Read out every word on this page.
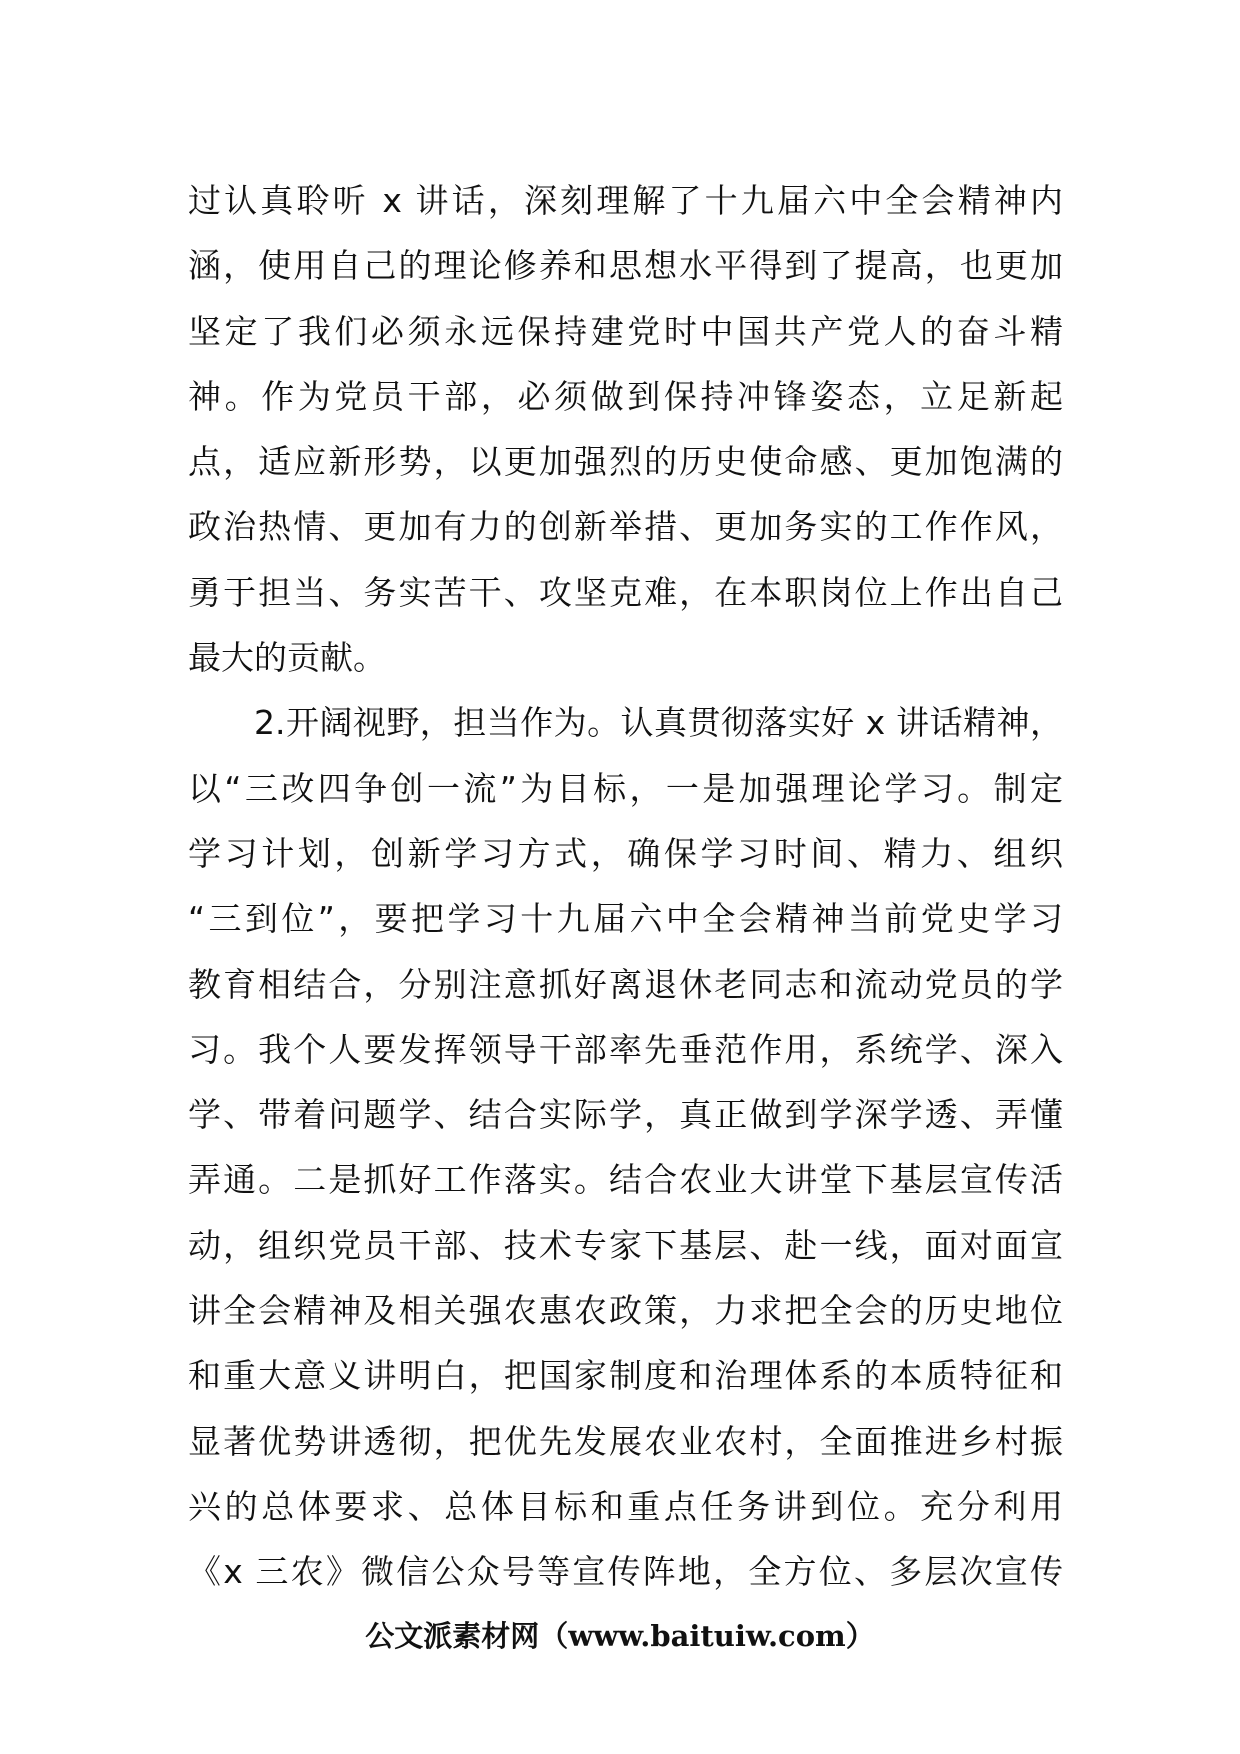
过认真聆听 x 讲话，深刻理解了十九届六中全会精神内
涵，使用自己的理论修养和思想水平得到了提高，也更加
坚定了我们必须永远保持建党时中国共产党人的奋斗精
神。作为党员干部，必须做到保持冲锋姿态，立足新起
点，适应新形势，以更加强烈的历史使命感、更加饱满的
政治热情、更加有力的创新举措、更加务实的工作作风，
勇于担当、务实苦干、攻坚克难，在本职岗位上作出自己
最大的贡献。
2.开阔视野，担当作为。认真贯彻落实好 x 讲话精神，
以“三改四争创一流”为目标，一是加强理论学习。制定
学习计划，创新学习方式，确保学习时间、精力、组织
“三到位”，要把学习十九届六中全会精神当前党史学习
教育相结合，分别注意抓好离退休老同志和流动党员的学
习。我个人要发挥领导干部率先垂范作用，系统学、深入
学、带着问题学、结合实际学，真正做到学深学透、弄懂
弄通。二是抓好工作落实。结合农业大讲堂下基层宣传活
动，组织党员干部、技术专家下基层、赴一线，面对面宣
讲全会精神及相关强农惠农政策，力求把全会的历史地位
和重大意义讲明白，把国家制度和治理体系的本质特征和
显著优势讲透彻，把优先发展农业农村，全面推进乡村振
兴的总体要求、总体目标和重点任务讲到位。充分利用
《x 三农》微信公众号等宣传阵地，全方位、多层次宣传
公文派素材网（www.baituiw.com）
